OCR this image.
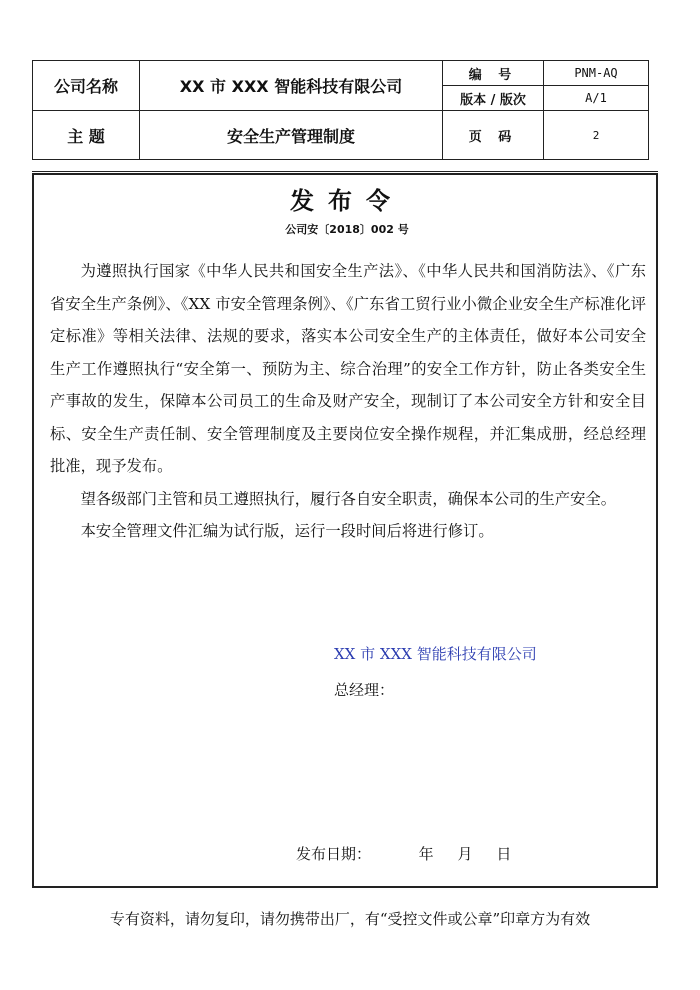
公司名称	XX 市 XXX 智能科技有限公司	编 号	PNM-AQ
		版本 / 版次	A/1
主 题	安全生产管理制度	页 码	2
发布令
公司安〔2018〕002 号

为遵照执行国家《中华人民共和国安全生产法》、《中华人民共和国消防法》、《广东省安全生产条例》、《XX 市安全管理条例》、《广东省工贸行业小微企业安全生产标准化评定标准》等相关法律、法规的要求，落实本公司安全生产的主体责任，做好本公司安全生产工作遵照执行“安全第一、预防为主、综合治理”的安全工作方针，防止各类安全生产事故的发生，保障本公司员工的生命及财产安全，现制订了本公司安全方针和安全目标、安全生产责任制、安全管理制度及主要岗位安全操作规程，并汇集成册，经总经理批准，现予发布。

望各级部门主管和员工遵照执行，履行各自安全职责，确保本公司的生产安全。

本安全管理文件汇编为试行版，运行一段时间后将进行修订。

XX 市 XXX 智能科技有限公司
总经理：
发布日期：          年     月     日
专有资料，请勿复印，请勿携带出厂，有“受控文件或公章”印章方为有效
